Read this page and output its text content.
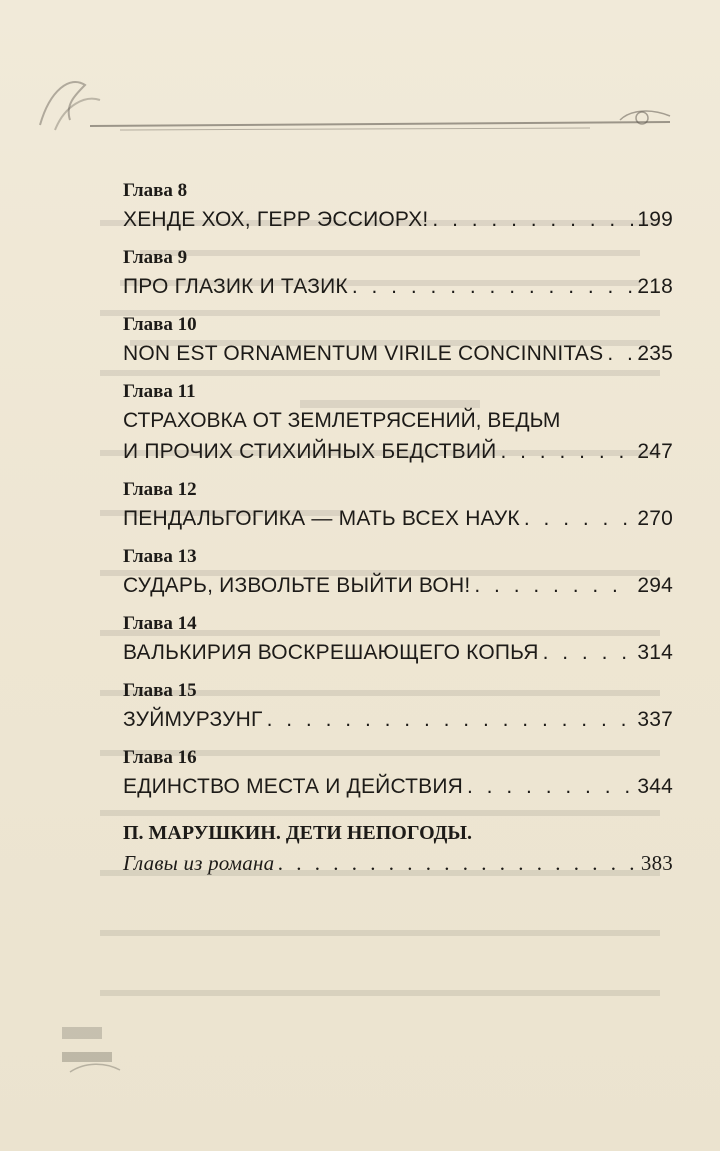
Глава 8
ХЕНДЕ ХОХ, ГЕРР ЭССИОРХ! . . .	199
Глава 9
ПРО ГЛАЗИК И ТАЗИК . . .	218
Глава 10
NON EST ORNAMENTUM VIRILE CONCINNITAS . . . 235
Глава 11
СТРАХОВКА ОТ ЗЕМЛЕТРЯСЕНИЙ, ВЕДЬМ
И ПРОЧИХ СТИХИЙНЫХ БЕДСТВИЙ . . .	247
Глава 12
ПЕНДАЛЬГОГИКА — МАТЬ ВСЕХ НАУК . . .	270
Глава 13
СУДАРЬ, ИЗВОЛЬТЕ ВЫЙТИ ВОН! . . .	294
Глава 14
ВАЛЬКИРИЯ ВОСКРЕШАЮЩЕГО КОПЬЯ . . .	314
Глава 15
ЗУЙМУРЗУНГ . . .	337
Глава 16
ЕДИНСТВО МЕСТА И ДЕЙСТВИЯ . . .	344
П. МАРУШКИН. ДЕТИ НЕПОГОДЫ.
Главы из романа . . .	383
